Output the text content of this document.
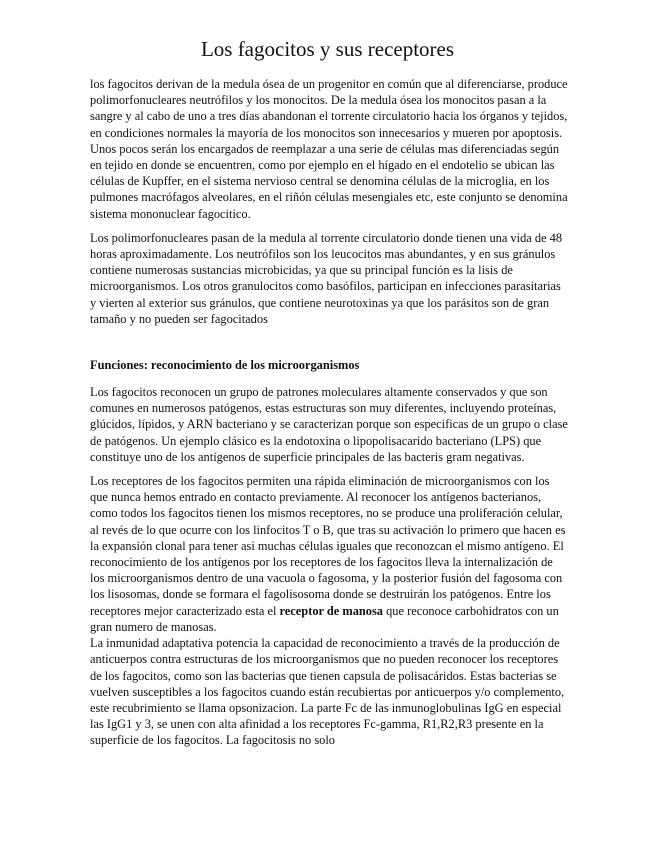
Los fagocitos y sus receptores

los fagocitos derivan de la medula ósea de un progenitor en común que al diferenciarse, produce polimorfonucleares neutrófilos y los monocitos. De la medula ósea los monocitos pasan a la sangre y al cabo de uno a tres días abandonan el torrente circulatorio hacia los órganos y tejidos, en condiciones normales la mayoría de los monocitos son innecesarios y mueren por apoptosis. Unos pocos serán los encargados de reemplazar a una serie de células mas diferenciadas según en tejido en donde se encuentren, como por ejemplo en el hígado en el endotelio se ubican las células de Kupffer, en el sistema nervioso central se denomina células de la microglia, en los pulmones macrófagos alveolares, en el riñón células mesengiales etc, este conjunto se denomina sistema mononuclear fagocitico.

Los polimorfonucleares pasan de la medula al torrente circulatorio donde tienen una vida de 48 horas aproximadamente. Los neutrófilos son los leucocitos mas abundantes, y en sus gránulos contiene numerosas sustancias microbicidas, ya que su principal función es la lisis de microorganismos. Los otros granulocitos como basófilos, participan en infecciones parasitarias y vierten al exterior sus gránulos, que contiene neurotoxinas ya que los parásitos son de gran tamaño y no pueden ser fagocitados

Funciones: reconocimiento de los microorganismos

Los fagocitos reconocen un grupo de patrones moleculares altamente conservados y que son comunes en numerosos patógenos, estas estructuras son muy diferentes, incluyendo proteínas, glúcidos, lípidos, y ARN bacteriano y se caracterizan porque son especificas de un grupo o clase de patógenos. Un ejemplo clásico es la endotoxina o lipopolisacarido bacteriano (LPS) que constituye uno de los antígenos de superficie principales de las bacteris gram negativas.

Los receptores de los fagocitos permiten una rápida eliminación de microorganismos con los que nunca hemos entrado en contacto previamente. Al reconocer los antígenos bacterianos, como todos los fagocitos tienen los mismos receptores, no se produce una proliferación celular, al revés de lo que ocurre con los linfocitos T o B, que tras su activación lo primero que hacen es la expansión clonal para tener asi muchas células iguales que reconozcan el mismo antígeno. El reconocimiento de los antígenos por los receptores de los fagocitos lleva la internalización de los microorganismos dentro de una vacuola o fagosoma, y la posterior fusión del fagosoma con los lisosomas, donde se formara el fagolisosoma donde se destruirán los patógenos. Entre los receptores mejor caracterizado esta el receptor de manosa que reconoce carbohidratos con un gran numero de manosas.

La inmunidad adaptativa potencia la capacidad de reconocimiento a través de la producción de anticuerpos contra estructuras de los microorganismos que no pueden reconocer los receptores de los fagocitos, como son las bacterias que tienen capsula de polisacáridos. Estas bacterias se vuelven susceptibles a los fagocitos cuando están recubiertas por anticuerpos y/o complemento, este recubrimiento se llama opsonizacion. La parte Fc de las inmunoglobulinas IgG en especial las IgG1 y 3, se unen con alta afinidad a los receptores Fc-gamma, R1,R2,R3 presente en la superficie de los fagocitos. La fagocitosis no solo
